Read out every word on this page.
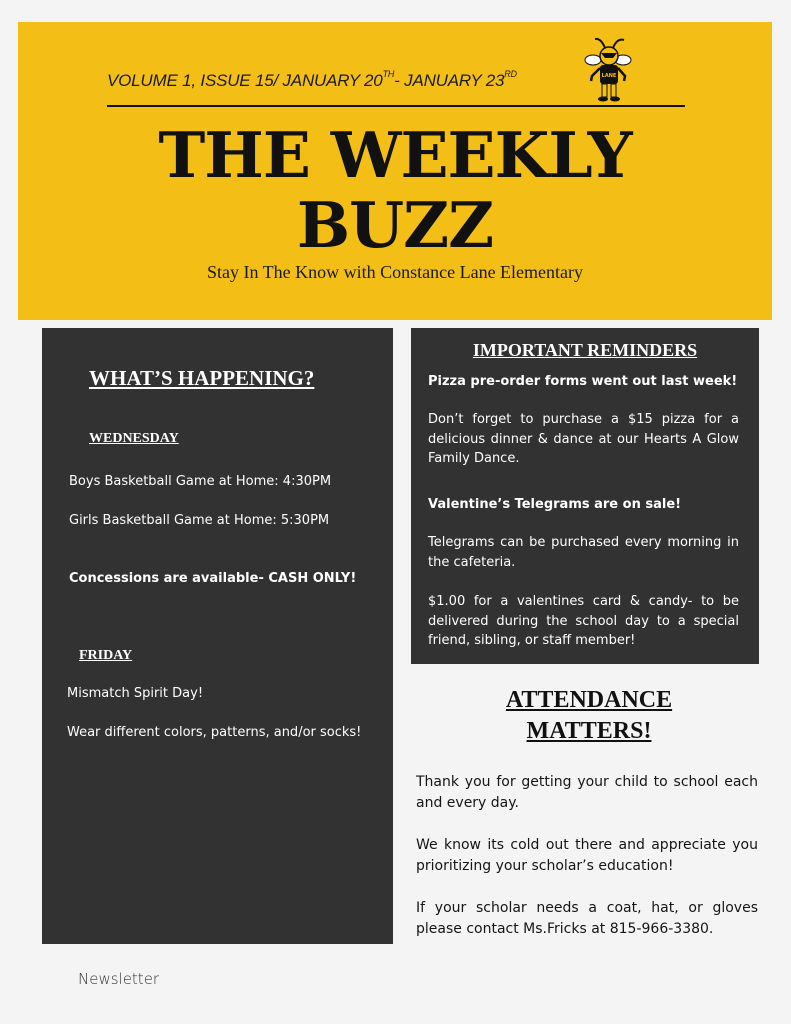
VOLUME 1, ISSUE 15/ JANUARY 20TH- JANUARY 23RD	LANE
THE WEEKLY
BUZZ
Stay In The Know with Constance Lane Elementary
WHAT’S HAPPENING?
WEDNESDAY
Boys Basketball Game at Home: 4:30PM
Girls Basketball Game at Home: 5:30PM
Concessions are available- CASH ONLY!
FRIDAY
Mismatch Spirit Day!
Wear different colors, patterns, and/or socks!
IMPORTANT REMINDERS

Pizza pre-order forms went out last week!

Don’t forget to purchase a $15 pizza for a delicious dinner & dance at our Hearts A Glow Family Dance.

Valentine’s Telegrams are on sale!

Telegrams can be purchased every morning in the cafeteria.

$1.00 for a valentines card & candy- to be delivered during the school day to a special friend, sibling, or staff member!

ATTENDANCE
MATTERS!

Thank you for getting your child to school each and every day.

We know its cold out there and appreciate you prioritizing your scholar’s education!

If your scholar needs a coat, hat, or gloves please contact Ms.Fricks at 815-966-3380.

Newsletter
